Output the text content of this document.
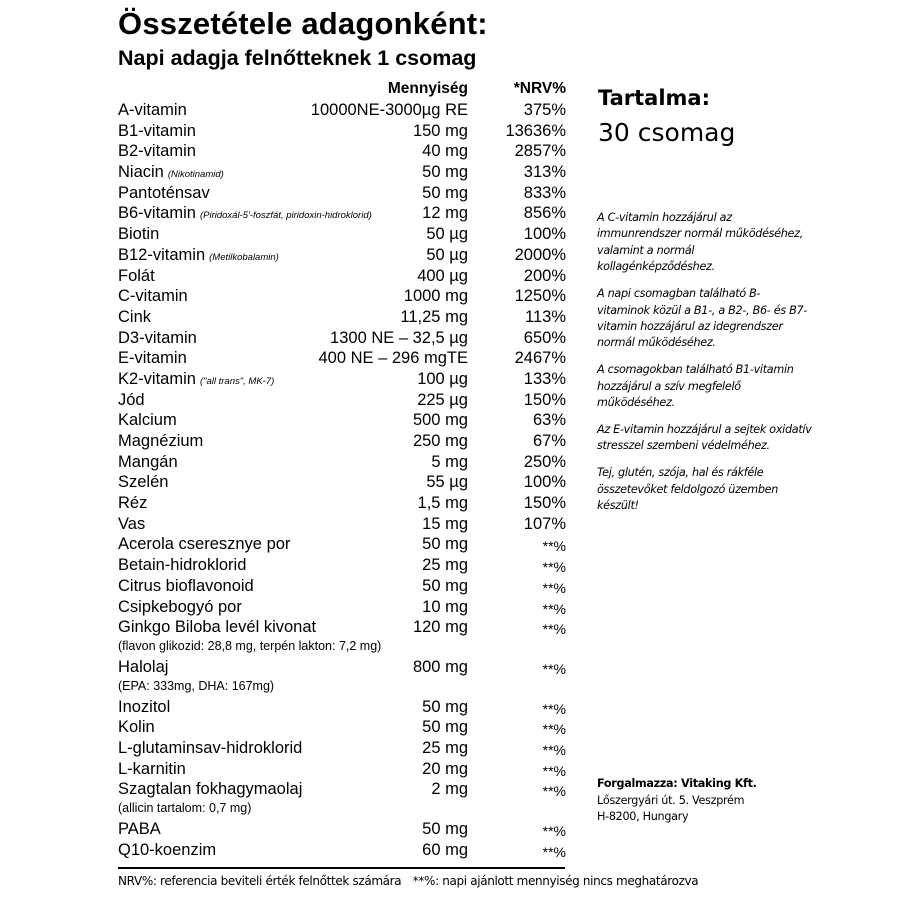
Összetétele adagonként:
Napi adagja felnőtteknek 1 csomag
Mennyiség	*NRV%
A-vitamin	10000NE-3000µg RE	375%
B1-vitamin	150 mg 13636%
B2-vitamin	40 mg	2857%
Niacin (Nikotinamid)	50 mg	313%
Pantoténsav	50 mg	833%
B6-vitamin (Piridoxál-5'-foszfát, piridoxin-hidroklorid)	12 mg	856%
Biotin	50 µg	100%
B12-vitamin (Metilkobalamin)	50 µg	2000%
Folát	400 µg	200%
C-vitamin	1000 mg	1250%
Cink	11,25 mg	113%
D3-vitamin	1300 NE – 32,5 µg	650%
E-vitamin	400 NE – 296 mgTE	2467%
K2-vitamin ("all trans", MK-7)	100 µg	133%
Jód	225 µg	150%
Kalcium	500 mg	63%
Magnézium	250 mg	67%
Mangán	5 mg	250%
Szelén	55 µg	100%
Réz	1,5 mg	150%
Vas	15 mg	107%
Acerola cseresznye por	50 mg	**%
Betain-hidroklorid	25 mg	**%
Citrus bioflavonoid	50 mg	**%
Csipkebogyó por	10 mg	**%
Ginkgo Biloba levél kivonat	120 mg	**%
(flavon glikozid: 28,8 mg, terpén lakton: 7,2 mg)
Halolaj	800 mg	**%
(EPA: 333mg, DHA: 167mg)
Inozitol	50 mg	**%
Kolin	50 mg	**%
L-glutaminsav-hidroklorid	25 mg	**%
L-karnitin	20 mg	**%
Szagtalan fokhagymaolaj	2 mg	**%
(allicin tartalom: 0,7 mg)
PABA	50 mg	**%
Q10-koenzim	60 mg	**%
NRV%: referencia beviteli érték felnőttek számára **%: napi ajánlott mennyiség nincs meghatározva
Tartalma:
30 csomag

A C-vitamin hozzájárul az immunrendszer normál működéséhez, valamint a normál kollagénképződéshez.

A napi csomagban található B-vitaminok közül a B1-, a B2-, B6- és B7-vitamin hozzájárul az idegrendszer normál működéséhez.

A csomagokban található B1-vitamin hozzájárul a szív megfelelő működéséhez.

Az E-vitamin hozzájárul a sejtek oxidatív stresszel szembeni védelméhez.

Tej, glutén, szója, hal és rákféle összetevőket feldolgozó üzemben készült!

Forgalmazza: Vitaking Kft.
Lőszergyári út. 5. Veszprém
H-8200, Hungary
